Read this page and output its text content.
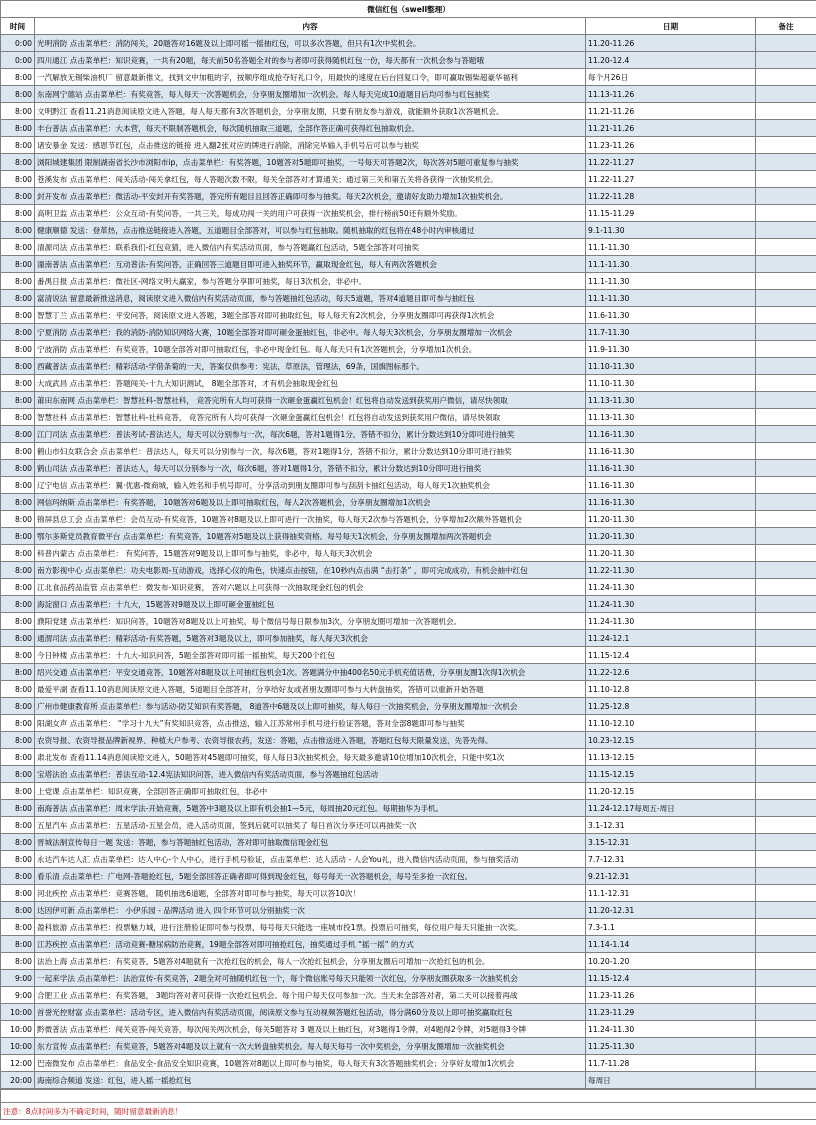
微信红包（swell整理）			
时间	内容	日期	备注
0:00	光明消防 点击菜单栏：消防闯关，20题答对16题及以上即可摇一摇抽红包，可以多次答题，但只有1次中奖机会。	11.20-11.26	
0:00	四川通江 点击菜单栏：知识竞赛，一共有20题，每天前50名答题全对的参与者即可获得随机红包一份，每天都有一次机会参与答题哦	11.20-12.4	
8:00	一汽解放无锡柴油机厂 留意最新推文，找到文中加粗的字，按顺序组成抢夺好礼口令，用最快的速度在后台回复口令，即可赢取锡柴超豪华福利	每个月26日	
8:00	东南网宁德站 点击菜单栏：有奖竞答，每人每天一次答题机会，分享朋友圈增加一次机会。每人每天完成10道题目后均可参与红包抽奖	11.13-11.26	
8:00	文明黔江 查看11.21消息阅读原文进入答题，每人每天都有3次答题机会，分享朋友圈，只要有朋友参与游戏，就能额外获取1次答题机会。	11.21-11.26	
8:00	丰台普法 点击菜单栏：大本营，每天不限制答题机会，每次随机抽取三道题，全部作答正确可获得红包抽取机会。	11.21-11.26	
8:00	诸安暴金 发送：感恩节红包，点击推送的链接 进入翻2张对应的牌进行消除，消除完毕输入手机号后可以参与抽奖	11.23-11.26	
8:00	浏阳城建集团 限制湖南省长沙市浏阳市ip，点击菜单栏：有奖答题，10题答对5题即可抽奖，一号每天可答题2次，每次答对5题可重复参与抽奖	11.22-11.27	
8:00	苍溪发布 点击菜单栏：闯关活动-闯关拿红包，每人答题次数不限，每关全部答对才算通关；通过第三关和第五关将各获得一次抽奖机会。	11.22-11.27	
8:00	封开发布 点击菜单栏：微活动-平安封开有奖答题，答完所有题目且回答正确即可参与抽奖。每天2次机会，邀请好友助力增加1次抽奖机会。	11.22-11.28	
8:00	高明卫监 点击菜单栏：公众互动-有奖问答，一共三关，每成功闯一关的用户可获得一次抽奖机会，排行榜前50还有额外奖励。	11.15-11.29	
8:00	健康顺德 发送：登革热，点击推送链接进入答题，五道题目全部答对，可以参与红包抽取。随机抽取的红包将在48小时内审核通过	9.1-11.30	
8:00	清源司法 点击菜单栏：联系我们-红包竞猜，进入微信内有奖活动页面，参与答题赢红包活动，5题全部答对可抽奖	11.1-11.30	
8:00	潼南普法 点击菜单栏：互动普法-有奖问答，正确回答三道题目即可进入抽奖环节，赢取现金红包，每人有两次答题机会	11.1-11.30	
8:00	番禺日报 点击菜单栏：微社区-网络文明大赢家，参与答题分享即可抽奖，每日3次机会，非必中。	11.1-11.30	
8:00	富清说法 留意最新推送消息，阅读原文进入微信内有奖活动页面，参与答题抽红包活动，每天5道题，答对4道题目即可参与抽红包	11.1-11.30	
8:00	智慧丁兰 点击菜单栏：平安问答，阅读原文进入答题，3题全部答对即可抽取红包，每人每天有2次机会，分享朋友圈即可再获得1次机会	11.6-11.30	
8:00	宁夏消防 点击菜单栏：我的消防-消防知识网络大赛，10题全部答对即可砸金蛋抽红包，非必中。每人每天3次机会，分享朋友圈增加一次机会	11.7-11.30	
8:00	宁波消防 点击菜单栏：有奖竞答，10题全部答对即可抽取红包，非必中现金红包。每人每天只有1次答题机会，分享增加1次机会。	11.9-11.30	
8:00	西藏普法 点击菜单栏：精彩活动-学借条菊的一天，答案仅供参考：宪法，草原法，管理法，69条，国旗图标那个。	11.10-11.30	
8:00	大成武昌 点击菜单栏：答题闯关-十九大知识测试， 8题全部答对，才有机会抽取现金红包	11.10-11.30	
8:00	莆田东南网 点击菜单栏：智慧社科-智慧社科， 竞答完所有人均可获得一次砸金蛋赢红包机会！红包将自动发送到获奖用户微信，请尽快领取	11.13-11.30	
8:00	智慧社科 点击菜单栏：智慧社科-社科竞答， 竞答完所有人均可获得一次砸金蛋赢红包机会！红包将自动发送到获奖用户微信，请尽快领取	11.13-11.30	
8:00	江门司法 点击菜单栏：普法考试-普法达人，每天可以分别参与一次，每次6题，答对1题得1分，答错不扣分，累计分数达到10分即可进行抽奖	11.16-11.30	
8:00	鹤山市妇女联合会 点击菜单栏：普法达人，每天可以分别参与一次，每次6题，答对1题得1分，答错不扣分，累计分数达到10分即可进行抽奖	11.16-11.30	
8:00	鹤山司法 点击菜单栏：普法达人，每天可以分别参与一次，每次6题，答对1题得1分，答错不扣分，累计分数达到10分即可进行抽奖	11.16-11.30	
8:00	辽宁电信 点击菜单栏：翼·优惠-微商城，输入姓名和手机号即可，分享活动到朋友圈即可参与刮刮卡抽红包活动，每人每天1次抽奖机会	11.16-11.30	
8:00	网信玛纳斯 点击菜单栏：有奖答题， 10题答对6题及以上即可抽取红包，每人2次答题机会，分享朋友圈增加1次机会	11.16-11.30	
8:00	锦屏县总工会 点击菜单栏：会员互动-有奖竞答，10题答对8题及以上即可进行一次抽奖，每人每天2次参与答题机会，分享增加2次额外答题机会	11.20-11.30	
8:00	鄂尔多斯党员教育微平台 点击菜单栏：有奖竞答，10题答对5题及以上获得抽奖资格。每号每天1次机会，分享朋友圈增加两次答题机会	11.20-11.30	
8:00	科普内蒙古 点击菜单栏： 有奖问答，15题答对9题及以上即可参与抽奖，非必中，每人每天3次机会	11.20-11.30	
8:00	南方影视中心 点击菜单栏：功夫电影周-互动游戏，选择心仪的角色，快速点击按钮，在10秒内点击满 “击打条” ，即可完成成功，有机会抽中红包	11.22-11.30	
8:00	江北食品药品监管 点击菜单栏：微发布-知识竞赛， 答对六题以上可获得一次抽取现金红包的机会	11.24-11.30	
8:00	海淀窗口 点击菜单栏：十九大，15题答对9题及以上即可砸金蛋抽红包	11.24-11.30	
8:00	濮阳党建 点击菜单栏：知识问答，10题答对8题及以上可抽奖，每个微信号每日限参加3次，分享朋友圈可增加一次答题机会。	11.24-11.30	
8:00	通渭司法 点击菜单栏：精彩活动-有奖答题，5题答对3题及以上，即可参加抽奖，每人每天3次机会	11.24-12.1	
8:00	今日钟楼 点击菜单栏：十九大-知识问答，5题全部答对即可摇一摇抽奖，每天200个红包	11.15-12.4	
8:00	绍兴交通 点击菜单栏：平安交通竞答，10题答对8题及以上可抽红包机会1次。答题满分中抽400名50元手机充值话费，分享朋友圈1次得1次机会	11.22-12.6	
8:00	最爱平湖 查看11.10消息阅读原文进入答题，5道题目全部答对，分享给好友或者朋友圈即可参与大转盘抽奖，答错可以重新开始答题	11.10-12.8	
8:00	广州市健康教育所 点击菜单栏：参与活动-防艾知识有奖答题， 8道答中6题及以上即可抽奖，每人每日一次抽奖机会，分享朋友圈增加一次机会	11.25-12.8	
8:00	阳湖女声 点击菜单栏： “学习十九大”有奖知识竞答，点击推送，输入江苏常州手机号进行验证答题，答对全部8题即可参与抽奖	11.10-12.10	
8:00	农资导报、农资导报品牌新视界、种植大户参考、农资导报农药，发送：答题，点击推送进入答题，答题红包每天限量发送，先答先得。	10.23-12.15	
8:00	肃北发布 查看11.14消息阅读原文进入，50题答对45题即可抽奖，每人每日3次抽奖机会，每天最多邀请10位增加10次机会，只能中奖1次	11.13-12.15	
8:00	宝塔法治 点击菜单栏：普法互动-12.4宪法知识问答，进入微信内有奖活动页面，参与答题抽红包活动	11.15-12.15	
8:00	上党课 点击菜单栏：知识竞赛，全部回答正确即可抽取红包，非必中	11.20-12.15	
8:00	南海普法 点击菜单栏：周末学法-开始竞赛，5题答中3题及以上即有机会抽1—5元，每周抽20元红包。每期抽华为手机。	11.24-12.17每周五-周日	
8:00	五星汽车 点击菜单栏：五星活动-五星会员，进入活动页面，签到后就可以抽奖了 每日首次分享还可以再抽奖一次	3.1-12.31	
8:00	晋城法制宣传每日一题 发送：答题，参与答题抽红包活动，答对即可抽取微信现金红包	3.15-12.31	
8:00	永达汽车达人汇 点击菜单栏：达人中心-个人中心，进行手机号验证，点击菜单栏：达人活动 - 人会You礼，进入微信内活动页面，参与抽奖活动	7.7-12.31	
8:00	看乐清 点击菜单栏：广电网-答题抢红包，5题全部回答正确者即可得到现金红包，每号每天一次答题机会，每号至多抢一次红包。	9.21-12.31	
8:00	河北疾控 点击菜单栏：竞赛答题， 随机抽选6道题，全部答对即可参与抽奖，每天可以答10次！	11.1-12.31	
8:00	达因伊可新 点击菜单栏： 小伊乐园 - 品牌活动 进入 四个环节可以分别抽奖一次	11.20-12.31	
8:00	盈科旅游 点击菜单栏：投票魅力城，进行注册验证即可参与投票，每号每天只能选一座城市投1票。投票后可抽奖，每位用户每天只能抽一次奖。	7.3-1.1	
8:00	江苏疾控 点击菜单栏：活动竞赛-糖尿病防治竞赛，19题全部答对即可抽抢红包，抽奖通过手机 “摇一摇” 的方式	11.14-1.14	
8:00	法治上海 点击菜单栏：有奖竞答，5题答对4题就有一次抢红包的机会，每人一次抢红包机会，分享朋友圈后可增加一次抢红包的机会。	10.20-1.20	
9:00	一起来学法 点击菜单栏：法治宣传-有奖竞答，2题全对可抽随机红包一个，每个微信账号每天只能领一次红包，分享朋友圈获取多一次抽奖机会	11.15-12.4	
9:00	合肥工业 点击菜单栏：有奖答题， 3题均答对者可获得一次抢红包机会。每个用户每天仅可参加一次。当天未全部答对者，第二天可以接着再战	11.23-11.26	
10:00	首誉光控财富 点击菜单栏：活动专区，进入微信内有奖活动页面，阅读原文参与互动视频答题红包活动，得分满60分及以上即可抽奖赢取红包	11.23-11.29	
10:00	黔微普法 点击菜单栏：闯关竞答-闯关竞答，每次闯关两次机会，每关5题答对 3 题及以上抽红包，对3题得1令牌，对4题得2令牌，对5题得3令牌	11.24-11.30	
10:00	东方宣传 点击菜单栏：有奖竞答，5题答对4题及以上就有一次大转盘抽奖机会。每人每天每号一次中奖机会，分享朋友圈增加一次抽奖机会	11.25-11.30	
12:00	巴南微发布 点击菜单栏：食品安全-食品安全知识竞赛，10题答对8题以上即可参与抽奖，每人每天有3次答题抽奖机会；分享好友增加1次机会	11.7-11.28	
20:00	海南综合频道 发送：红包，进入摇一摇抢红包	每周日	

注意：8点时间多为不确定时间，随时留意最新消息！
